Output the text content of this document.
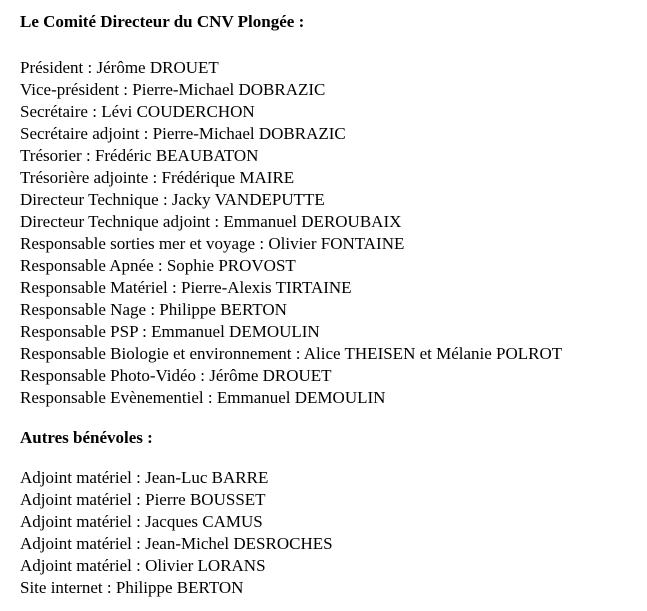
Le Comité Directeur du CNV Plongée :
Président : Jérôme DROUET
Vice-président : Pierre-Michael DOBRAZIC
Secrétaire : Lévi COUDERCHON
Secrétaire adjoint : Pierre-Michael DOBRAZIC
Trésorier : Frédéric BEAUBATON
Trésorière adjointe : Frédérique MAIRE
Directeur Technique : Jacky VANDEPUTTE
Directeur Technique adjoint : Emmanuel DEROUBAIX
Responsable sorties mer et voyage : Olivier FONTAINE
Responsable Apnée : Sophie PROVOST
Responsable Matériel : Pierre-Alexis TIRTAINE
Responsable Nage : Philippe BERTON
Responsable PSP : Emmanuel DEMOULIN
Responsable Biologie et environnement : Alice THEISEN et Mélanie POLROT
Responsable Photo-Vidéo : Jérôme DROUET
Responsable Evènementiel : Emmanuel DEMOULIN
Autres bénévoles :
Adjoint matériel : Jean-Luc BARRE
Adjoint matériel : Pierre BOUSSET
Adjoint matériel : Jacques CAMUS
Adjoint matériel : Jean-Michel DESROCHES
Adjoint matériel : Olivier LORANS
Site internet : Philippe BERTON
